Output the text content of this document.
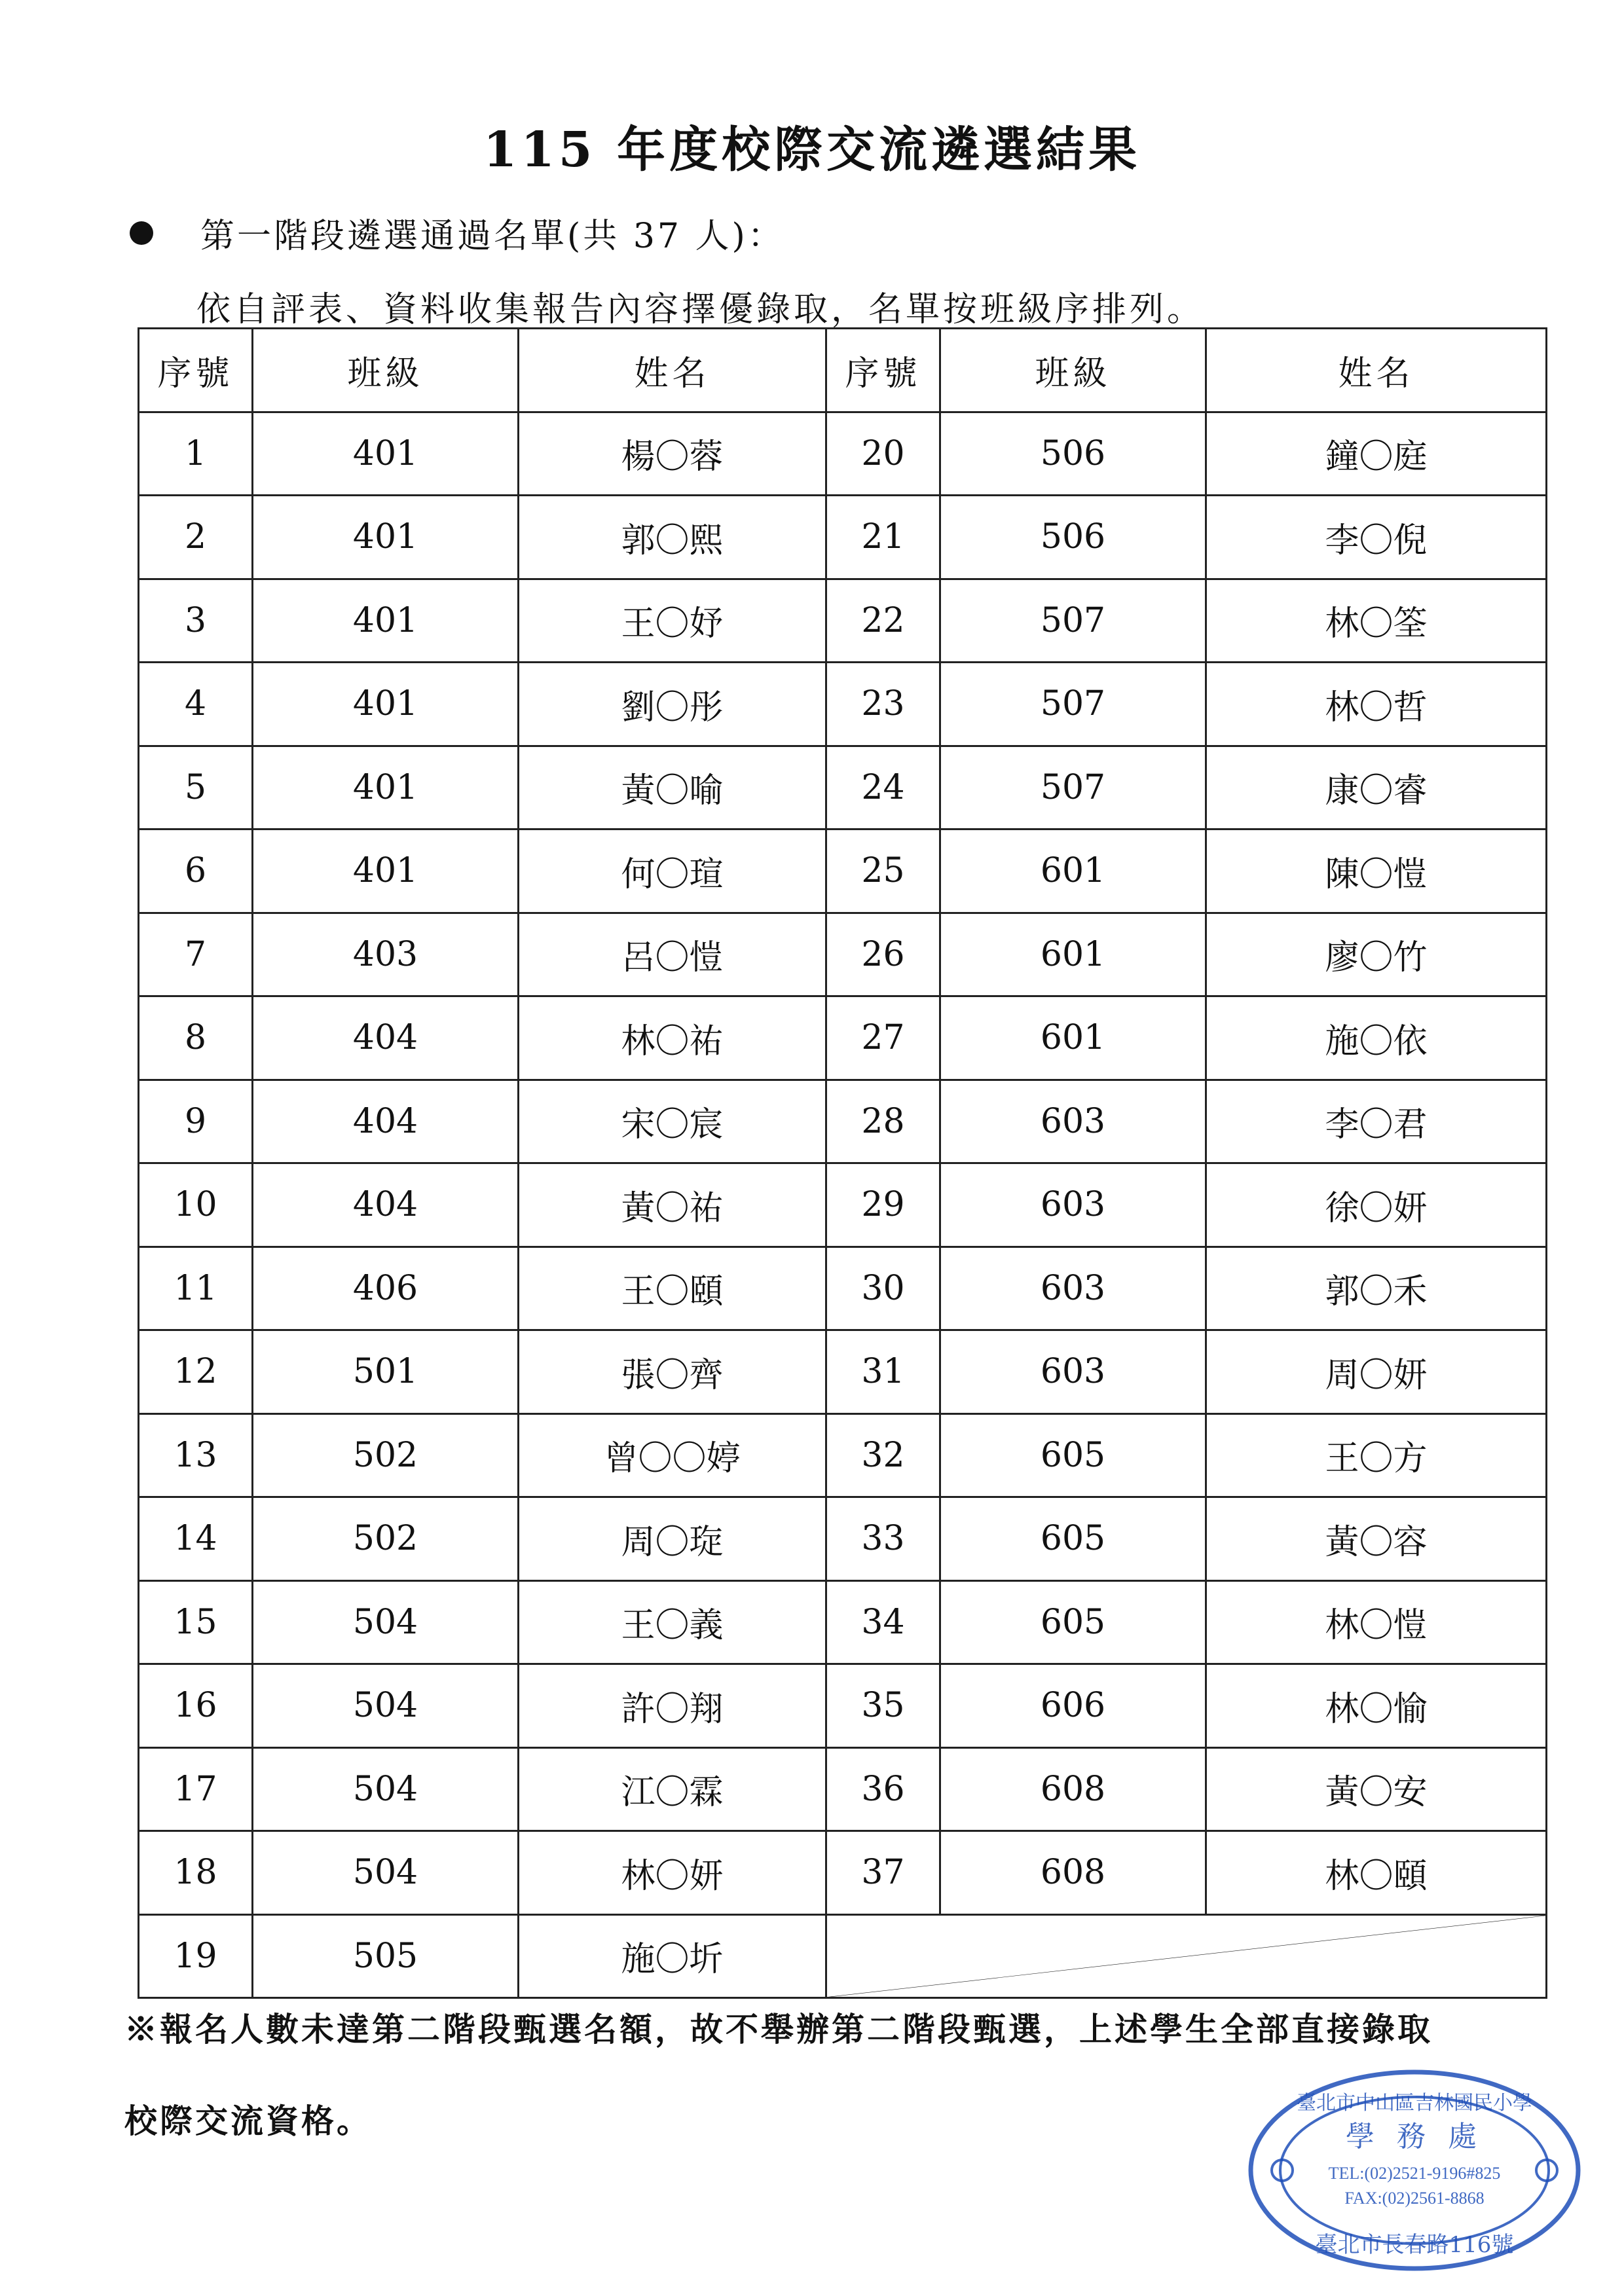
115 年度校際交流遴選結果
第一階段遴選通過名單(共 37 人)：
依自評表、資料收集報告內容擇優錄取，名單按班級序排列。
序號	班級	姓名	序號	班級	姓名
1	401	楊〇蓉	20	506	鐘〇庭
2	401	郭〇熙	21	506	李〇倪
3	401	王〇妤	22	507	林〇筌
4	401	劉〇彤	23	507	林〇哲
5	401	黃〇喻	24	507	康〇睿
6	401	何〇瑄	25	601	陳〇愷
7	403	呂〇愷	26	601	廖〇竹
8	404	林〇祐	27	601	施〇依
9	404	宋〇宸	28	603	李〇君
10	404	黃〇祐	29	603	徐〇妍
11	406	王〇頤	30	603	郭〇禾
12	501	張〇齊	31	603	周〇妍
13	502	曾〇〇婷	32	605	王〇方
14	502	周〇琁	33	605	黃〇容
15	504	王〇義	34	605	林〇愷
16	504	許〇翔	35	606	林〇愉
17	504	江〇霖	36	608	黃〇安
18	504	林〇妍	37	608	林〇頤
19	505	施〇圻	
※報名人數未達第二階段甄選名額，故不舉辦第二階段甄選，上述學生全部直接錄取
校際交流資格。	臺北市中山區吉林國民小學
學 務 處
TEL:(02)2521-9196#825
FAX:(02)2561-8868
臺北市長春路116號
